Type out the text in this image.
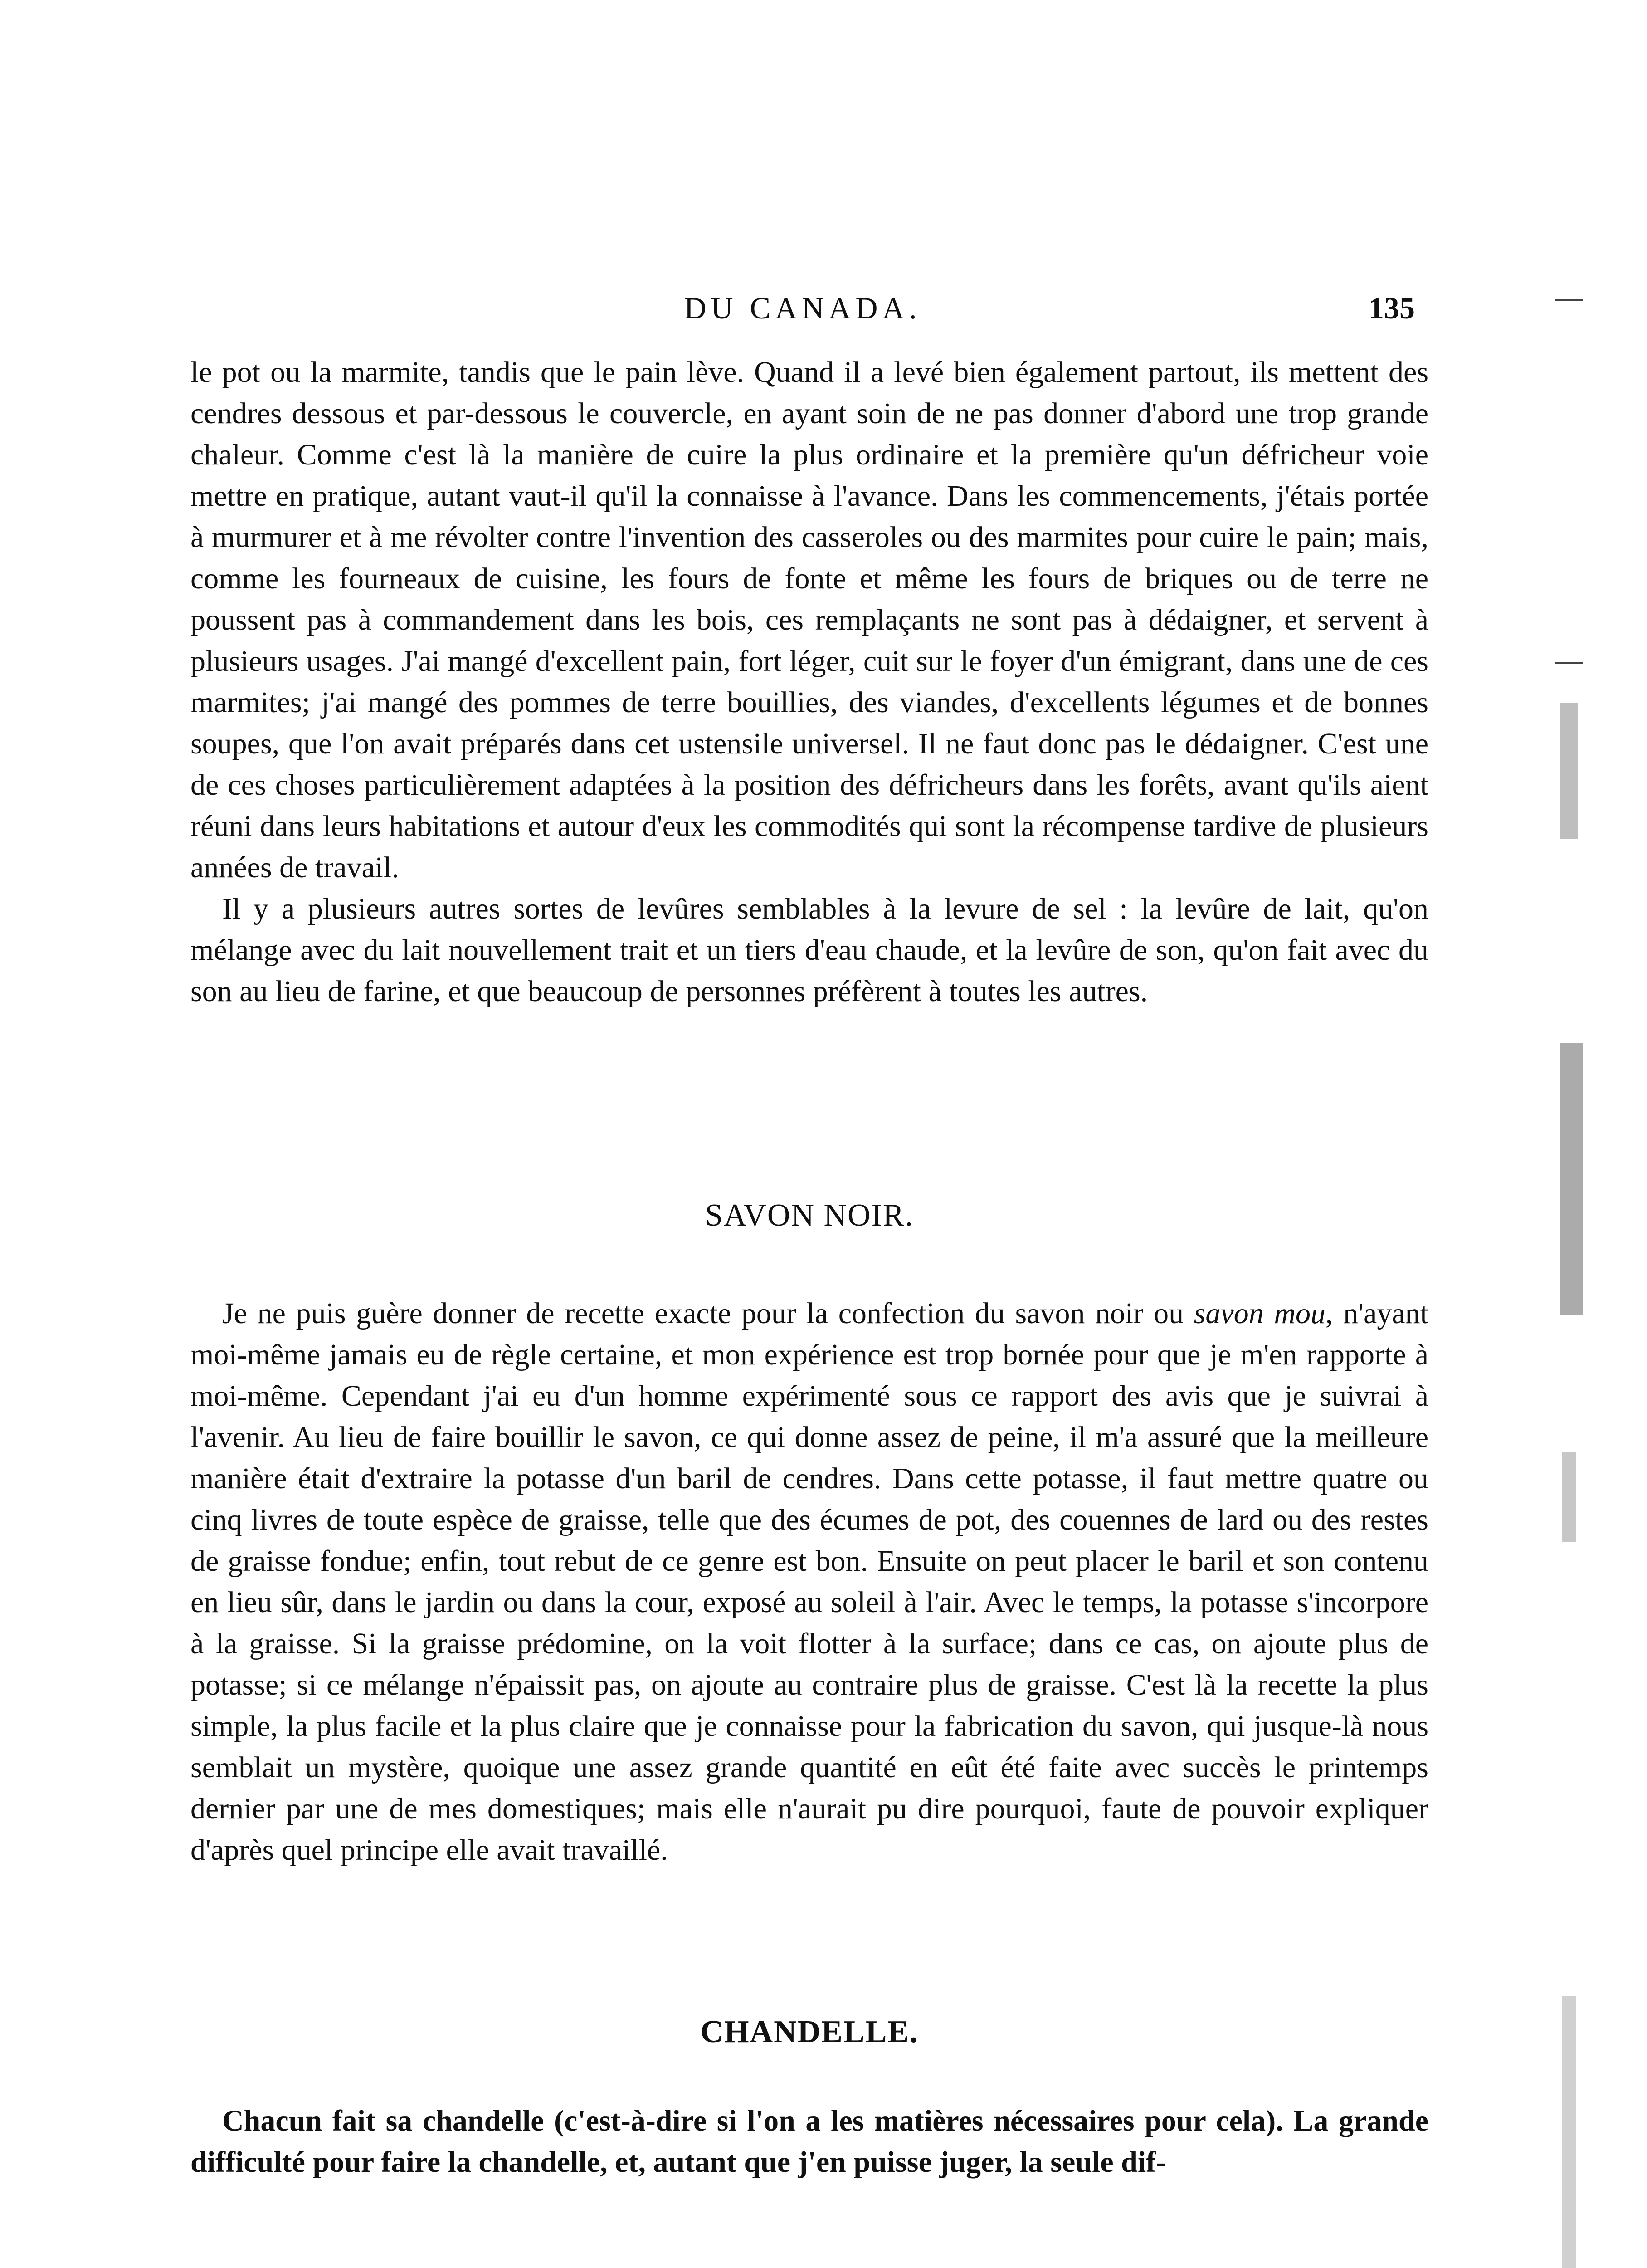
DU CANADA.	135

le pot ou la marmite, tandis que le pain lève. Quand il a levé bien également partout, ils mettent des cendres dessous et par-dessous le couvercle, en ayant soin de ne pas donner d'abord une trop grande chaleur. Comme c'est là la manière de cuire la plus ordinaire et la première qu'un défricheur voie mettre en pratique, autant vaut-il qu'il la connaisse à l'avance. Dans les commencements, j'étais portée à murmurer et à me révolter contre l'invention des casseroles ou des marmites pour cuire le pain; mais, comme les fourneaux de cuisine, les fours de fonte et même les fours de briques ou de terre ne poussent pas à commandement dans les bois, ces remplaçants ne sont pas à dédaigner, et servent à plusieurs usages. J'ai mangé d'excellent pain, fort léger, cuit sur le foyer d'un émigrant, dans une de ces marmites; j'ai mangé des pommes de terre bouillies, des viandes, d'excellents légumes et de bonnes soupes, que l'on avait préparés dans cet ustensile universel. Il ne faut donc pas le dédaigner. C'est une de ces choses particulièrement adaptées à la position des défricheurs dans les forêts, avant qu'ils aient réuni dans leurs habitations et autour d'eux les commodités qui sont la récompense tardive de plusieurs années de travail.

Il y a plusieurs autres sortes de levûres semblables à la levure de sel : la levûre de lait, qu'on mélange avec du lait nouvellement trait et un tiers d'eau chaude, et la levûre de son, qu'on fait avec du son au lieu de farine, et que beaucoup de personnes préfèrent à toutes les autres.

SAVON NOIR.

Je ne puis guère donner de recette exacte pour la confection du savon noir ou savon mou, n'ayant moi-même jamais eu de règle certaine, et mon expérience est trop bornée pour que je m'en rapporte à moi-même. Cependant j'ai eu d'un homme expérimenté sous ce rapport des avis que je suivrai à l'avenir. Au lieu de faire bouillir le savon, ce qui donne assez de peine, il m'a assuré que la meilleure manière était d'extraire la potasse d'un baril de cendres. Dans cette potasse, il faut mettre quatre ou cinq livres de toute espèce de graisse, telle que des écumes de pot, des couennes de lard ou des restes de graisse fondue; enfin, tout rebut de ce genre est bon. Ensuite on peut placer le baril et son contenu en lieu sûr, dans le jardin ou dans la cour, exposé au soleil à l'air. Avec le temps, la potasse s'incorpore à la graisse. Si la graisse prédomine, on la voit flotter à la surface; dans ce cas, on ajoute plus de potasse; si ce mélange n'épaissit pas, on ajoute au contraire plus de graisse. C'est là la recette la plus simple, la plus facile et la plus claire que je connaisse pour la fabrication du savon, qui jusque-là nous semblait un mystère, quoique une assez grande quantité en eût été faite avec succès le printemps dernier par une de mes domestiques; mais elle n'aurait pu dire pourquoi, faute de pouvoir expliquer d'après quel principe elle avait travaillé.

CHANDELLE.

Chacun fait sa chandelle (c'est-à-dire si l'on a les matières nécessaires pour cela). La grande difficulté pour faire la chandelle, et, autant que j'en puisse juger, la seule dif-
